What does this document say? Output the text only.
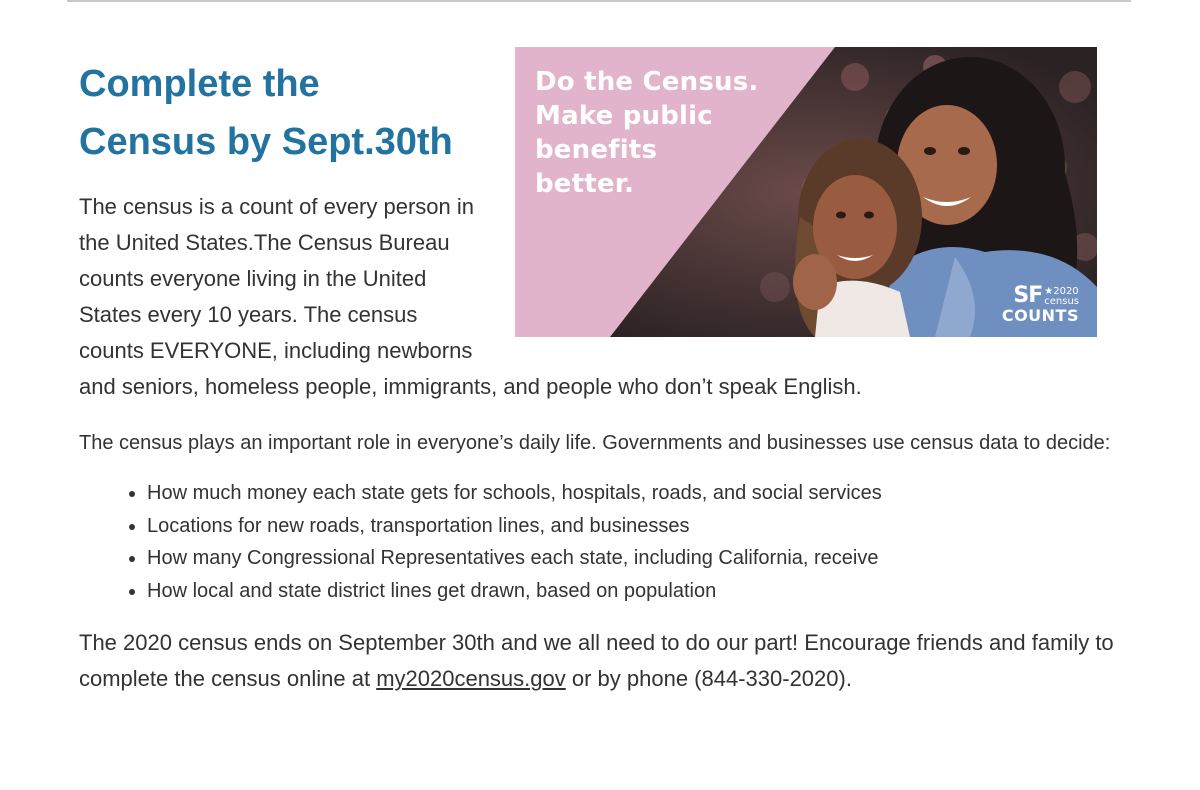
Do the Census.
Make public
benefits
better.

SF ★2020
census
COUNTS
Complete the
Census by Sept.30th

The census is a count of every person in the United States.The Census Bureau counts everyone living in the United States every 10 years. The census counts EVERYONE, including newborns and seniors, homeless people, immigrants, and people who don’t speak English.

The census plays an important role in everyone’s daily life. Governments and businesses use census data to decide:

• How much money each state gets for schools, hospitals, roads, and social services
• Locations for new roads, transportation lines, and businesses
• How many Congressional Representatives each state, including California, receive
• How local and state district lines get drawn, based on population

The 2020 census ends on September 30th and we all need to do our part! Encourage friends and family to complete the census online at my2020census.gov or by phone (844-330-2020).
